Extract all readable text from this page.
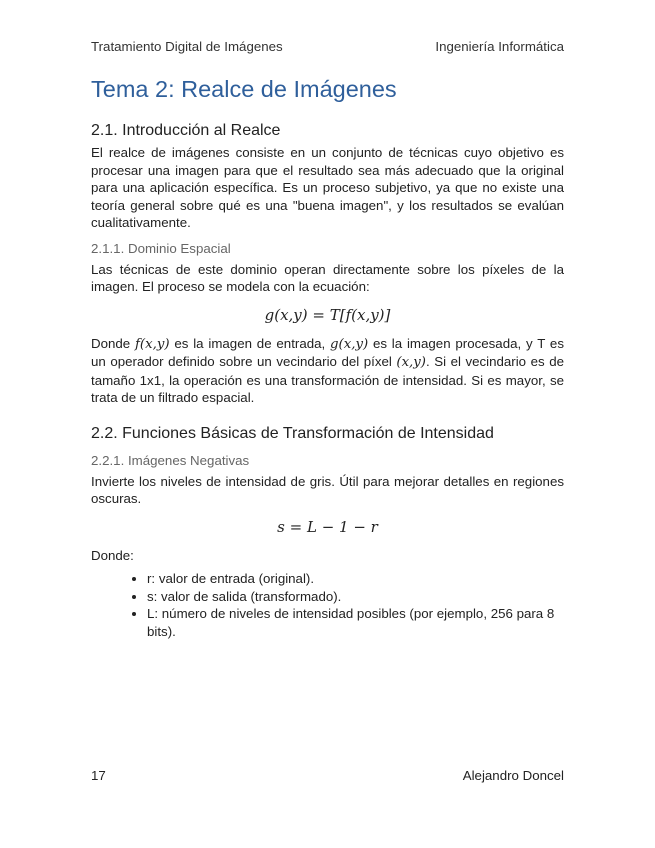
Tratamiento Digital de Imágenes	Ingeniería Informática
Tema 2: Realce de Imágenes
2.1. Introducción al Realce

El realce de imágenes consiste en un conjunto de técnicas cuyo objetivo es procesar una imagen para que el resultado sea más adecuado que la original para una aplicación específica. Es un proceso subjetivo, ya que no existe una teoría general sobre qué es una "buena imagen", y los resultados se evalúan cualitativamente.

2.1.1. Dominio Espacial

Las técnicas de este dominio operan directamente sobre los píxeles de la imagen. El proceso se modela con la ecuación:

g(x,y) = T[f(x,y)]

Donde f(x,y) es la imagen de entrada, g(x,y) es la imagen procesada, y T es un operador definido sobre un vecindario del píxel (x,y). Si el vecindario es de tamaño 1x1, la operación es una transformación de intensidad. Si es mayor, se trata de un filtrado espacial.

2.2. Funciones Básicas de Transformación de Intensidad
2.2.1. Imágenes Negativas

Invierte los niveles de intensidad de gris. Útil para mejorar detalles en regiones oscuras.

s = L − 1 − r

Donde:

• r: valor de entrada (original).
• s: valor de salida (transformado).
• L: número de niveles de intensidad posibles (por ejemplo, 256 para 8 bits).
17	Alejandro Doncel
